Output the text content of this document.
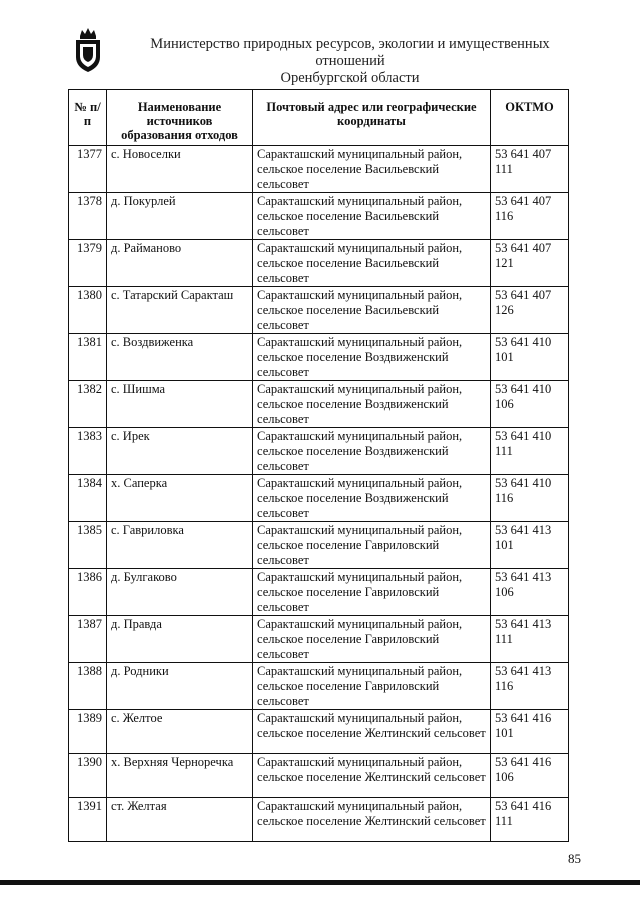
Министерство природных ресурсов, экологии и имущественных отношений
Оренбургской области
№ п/п	Наименование источников образования отходов	Почтовый адрес или географические координаты	ОКТМО
1377	с. Новоселки	Саракташский муниципальный район, сельское поселение Васильевский сельсовет	53 641 407 111
1378	д. Покурлей	Саракташский муниципальный район, сельское поселение Васильевский сельсовет	53 641 407 116
1379	д. Райманово	Саракташский муниципальный район, сельское поселение Васильевский сельсовет	53 641 407 121
1380	с. Татарский Саракташ	Саракташский муниципальный район, сельское поселение Васильевский сельсовет	53 641 407 126
1381	с. Воздвиженка	Саракташский муниципальный район, сельское поселение Воздвиженский сельсовет	53 641 410 101
1382	с. Шишма	Саракташский муниципальный район, сельское поселение Воздвиженский сельсовет	53 641 410 106
1383	с. Ирек	Саракташский муниципальный район, сельское поселение Воздвиженский сельсовет	53 641 410 111
1384	х. Саперка	Саракташский муниципальный район, сельское поселение Воздвиженский сельсовет	53 641 410 116
1385	с. Гавриловка	Саракташский муниципальный район, сельское поселение Гавриловский сельсовет	53 641 413 101
1386	д. Булгаково	Саракташский муниципальный район, сельское поселение Гавриловский сельсовет	53 641 413 106
1387	д. Правда	Саракташский муниципальный район, сельское поселение Гавриловский сельсовет	53 641 413 111
1388	д. Родники	Саракташский муниципальный район, сельское поселение Гавриловский сельсовет	53 641 413 116
1389	с. Желтое	Саракташский муниципальный район, сельское поселение Желтинский сельсовет	53 641 416 101
1390	х. Верхняя Черноречка	Саракташский муниципальный район, сельское поселение Желтинский сельсовет	53 641 416 106
1391	ст. Желтая	Саракташский муниципальный район, сельское поселение Желтинский сельсовет	53 641 416 111
85
